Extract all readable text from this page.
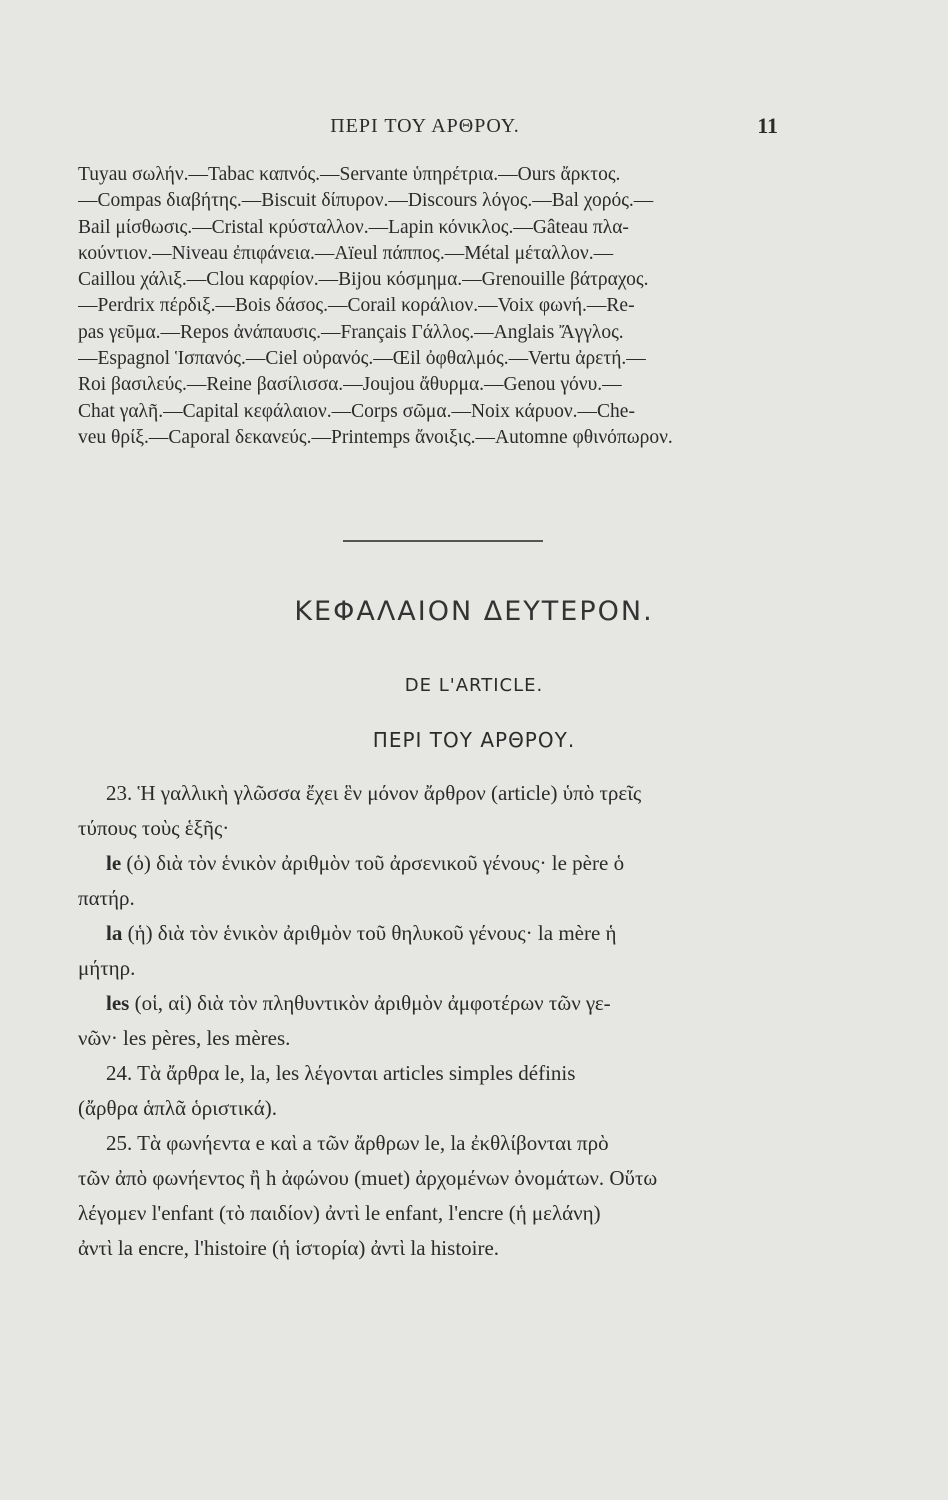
ΠΕΡΙ ΤΟΥ ΑΡΘΡΟΥ.	11
Tuyau σωλήν.—Tabac καπνός.—Servante ὑπηρέτρια.—Ours ἄρκτος.
—Compas διαβήτης.—Biscuit δίπυρον.—Discours λόγος.—Bal χορός.—
Bail μίσθωσις.—Cristal κρύσταλλον.—Lapin κόνικλος.—Gâteau πλα-
κούντιον.—Niveau ἐπιφάνεια.—Aïeul πάππος.—Métal μέταλλον.—
Caillou χάλιξ.—Clou καρφίον.—Bijou κόσμημα.—Grenouille βάτραχος.
—Perdrix πέρδιξ.—Bois δάσος.—Corail κοράλιον.—Voix φωνή.—Re-
pas γεῦμα.—Repos ἀνάπαυσις.—Français Γάλλος.—Anglais Ἄγγλος.
—Espagnol Ἱσπανός.—Ciel οὐρανός.—Œil ὀφθαλμός.—Vertu ἀρετή.—
Roi βασιλεύς.—Reine βασίλισσα.—Joujou ἄθυρμα.—Genou γόνυ.—
Chat γαλῆ.—Capital κεφάλαιον.—Corps σῶμα.—Noix κάρυον.—Che-
veu θρίξ.—Caporal δεκανεύς.—Printemps ἄνοιξις.—Automne φθινόπωρον.
ΚΕΦΑΛΑΙΟΝ ΔΕΥΤΕΡΟΝ.
DE L'ARTICLE.
ΠΕΡΙ ΤΟΥ ΑΡΘΡΟΥ.
23. Ἡ γαλλικὴ γλῶσσα ἔχει ἓν μόνον ἄρθρον (article) ὑπὸ τρεῖς
τύπους τοὺς ἑξῆς·
le (ὁ) διὰ τὸν ἑνικὸν ἀριθμὸν τοῦ ἀρσενικοῦ γένους· le père ὁ
πατήρ.
la (ἡ) διὰ τὸν ἑνικὸν ἀριθμὸν τοῦ θηλυκοῦ γένους· la mère ἡ
μήτηρ.
les (οἱ, αἱ) διὰ τὸν πληθυντικὸν ἀριθμὸν ἀμφοτέρων τῶν γε-
νῶν· les pères, les mères.
24. Τὰ ἄρθρα le, la, les λέγονται articles simples définis
(ἄρθρα ἁπλᾶ ὁριστικά).
25. Τὰ φωνήεντα e καὶ a τῶν ἄρθρων le, la ἐκθλίβονται πρὸ
τῶν ἀπὸ φωνήεντος ἢ h ἀφώνου (muet) ἀρχομένων ὀνομάτων. Οὕτω
λέγομεν l'enfant (τὸ παιδίον) ἀντὶ le enfant, l'encre (ἡ μελάνη)
ἀντὶ la encre, l'histoire (ἡ ἱστορία) ἀντὶ la histoire.
